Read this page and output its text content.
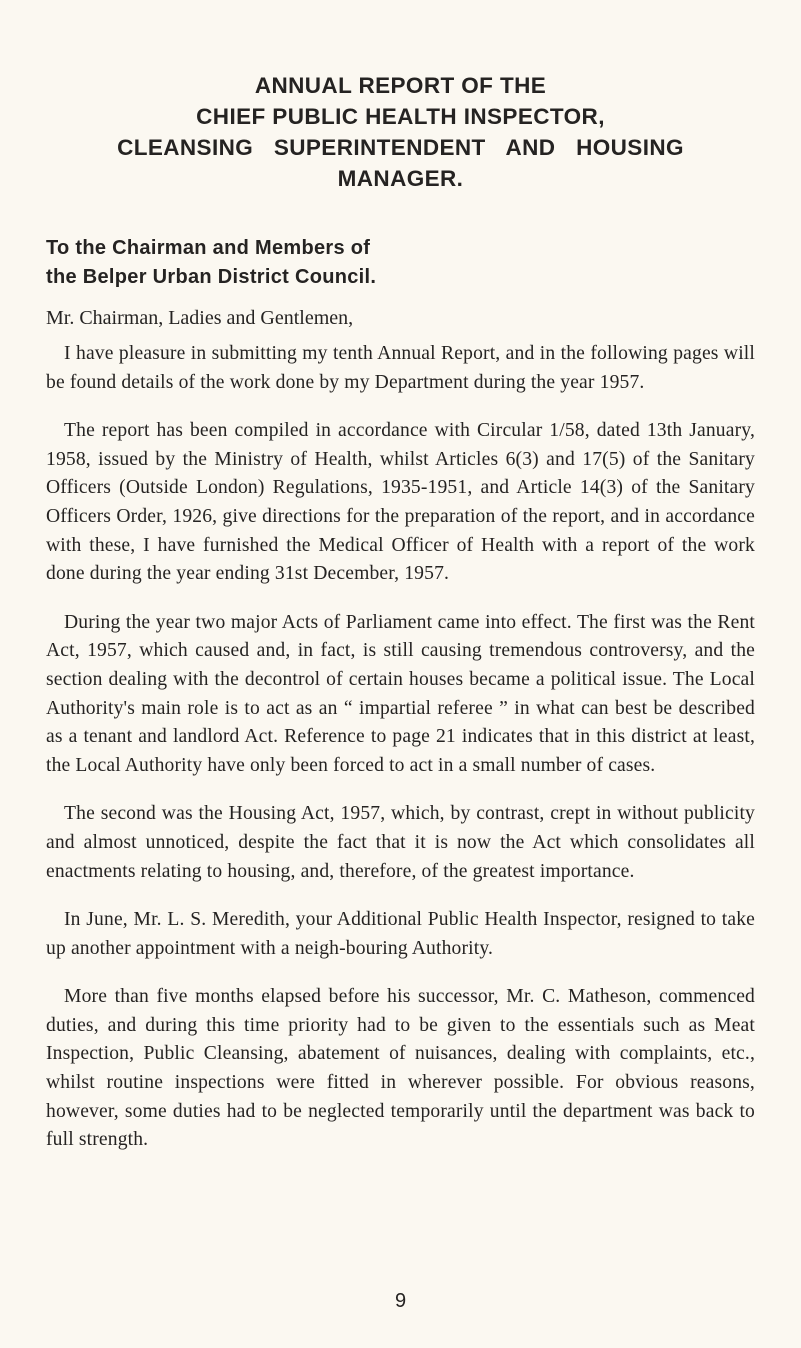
ANNUAL REPORT OF THE
CHIEF PUBLIC HEALTH INSPECTOR,
CLEANSING SUPERINTENDENT AND HOUSING
MANAGER.
To the Chairman and Members of
the Belper Urban District Council.
Mr. Chairman, Ladies and Gentlemen,

I have pleasure in submitting my tenth Annual Report, and in the following pages will be found details of the work done by my Department during the year 1957.

The report has been compiled in accordance with Circular 1/58, dated 13th January, 1958, issued by the Ministry of Health, whilst Articles 6(3) and 17(5) of the Sanitary Officers (Outside London) Regulations, 1935-1951, and Article 14(3) of the Sanitary Officers Order, 1926, give directions for the preparation of the report, and in accordance with these, I have furnished the Medical Officer of Health with a report of the work done during the year ending 31st December, 1957.

During the year two major Acts of Parliament came into effect. The first was the Rent Act, 1957, which caused and, in fact, is still causing tremendous controversy, and the section dealing with the decontrol of certain houses became a political issue. The Local Authority's main role is to act as an “ impartial referee ” in what can best be described as a tenant and landlord Act. Reference to page 21 indicates that in this district at least, the Local Authority have only been forced to act in a small number of cases.

The second was the Housing Act, 1957, which, by contrast, crept in without publicity and almost unnoticed, despite the fact that it is now the Act which consolidates all enactments relating to housing, and, therefore, of the greatest importance.

In June, Mr. L. S. Meredith, your Additional Public Health Inspector, resigned to take up another appointment with a neigh-bouring Authority.

More than five months elapsed before his successor, Mr. C. Matheson, commenced duties, and during this time priority had to be given to the essentials such as Meat Inspection, Public Cleansing, abatement of nuisances, dealing with complaints, etc., whilst routine inspections were fitted in wherever possible. For obvious reasons, however, some duties had to be neglected temporarily until the department was back to full strength.

9
